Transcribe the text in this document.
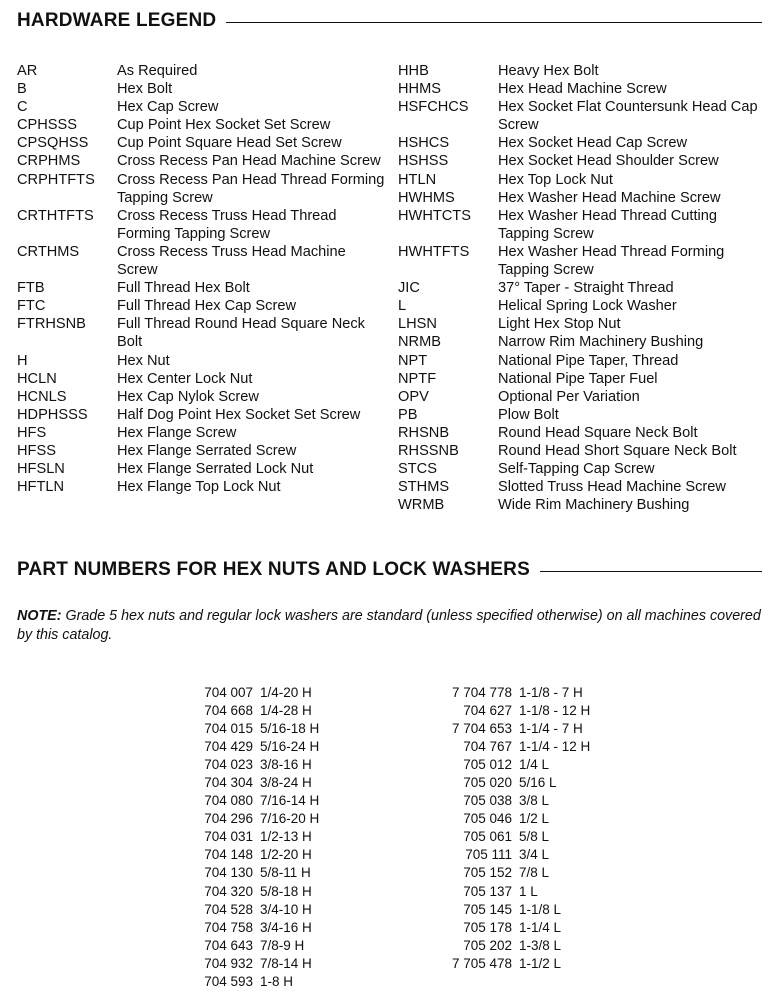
HARDWARE LEGEND
AR	As Required
B	Hex Bolt
C	Hex Cap Screw
CPHSSS	Cup Point Hex Socket Set Screw
CPSQHSS	Cup Point Square Head Set Screw
CRPHMS	Cross Recess Pan Head Machine Screw
CRPHTFTS	Cross Recess Pan Head Thread Forming Tapping Screw
CRTHTFTS	Cross Recess Truss Head Thread Forming Tapping Screw
CRTHMS	Cross Recess Truss Head Machine Screw
FTB	Full Thread Hex Bolt
FTC	Full Thread Hex Cap Screw
FTRHSNB	Full Thread Round Head Square Neck Bolt
H	Hex Nut
HCLN	Hex Center Lock Nut
HCNLS	Hex Cap Nylok Screw
HDPHSSS	Half Dog Point Hex Socket Set Screw
HFS	Hex Flange Screw
HFSS	Hex Flange Serrated Screw
HFSLN	Hex Flange Serrated Lock Nut
HFTLN	Hex Flange Top Lock Nut
HHB	Heavy Hex Bolt
HHMS	Hex Head Machine Screw
HSFCHCS	Hex Socket Flat Countersunk Head Cap Screw
HSHCS	Hex Socket Head Cap Screw
HSHSS	Hex Socket Head Shoulder Screw
HTLN	Hex Top Lock Nut
HWHMS	Hex Washer Head Machine Screw
HWHTCTS	Hex Washer Head Thread Cutting Tapping Screw
HWHTFTS	Hex Washer Head Thread Forming Tapping Screw
JIC	37° Taper - Straight Thread
L	Helical Spring Lock Washer
LHSN	Light Hex Stop Nut
NRMB	Narrow Rim Machinery Bushing
NPT	National Pipe Taper, Thread
NPTF	National Pipe Taper Fuel
OPV	Optional Per Variation
PB	Plow Bolt
RHSNB	Round Head Square Neck Bolt
RHSSNB	Round Head Short Square Neck Bolt
STCS	Self-Tapping Cap Screw
STHMS	Slotted Truss Head Machine Screw
WRMB	Wide Rim Machinery Bushing
PART NUMBERS FOR HEX NUTS AND LOCK WASHERS
NOTE: Grade 5 hex nuts and regular lock washers are standard (unless specified otherwise) on all machines covered by this catalog.
704 007 1/4-20 H
704 668 1/4-28 H
704 015 5/16-18 H
704 429 5/16-24 H
704 023 3/8-16 H
704 304 3/8-24 H
704 080 7/16-14 H
704 296 7/16-20 H
704 031 1/2-13 H
704 148 1/2-20 H
704 130 5/8-11 H
704 320 5/8-18 H
704 528 3/4-10 H
704 758 3/4-16 H
704 643 7/8-9 H
704 932 7/8-14 H
704 593 1-8 H
7 704 778 1-1/8 - 7 H
704 627 1-1/8 - 12 H
7 704 653 1-1/4 - 7 H
704 767 1-1/4 - 12 H
705 012 1/4 L
705 020 5/16 L
705 038 3/8 L
705 046 1/2 L
705 061 5/8 L
705 111 3/4 L
705 152 7/8 L
705 137 1 L
705 145 1-1/8 L
705 178 1-1/4 L
705 202 1-3/8 L
7 705 478 1-1/2 L
